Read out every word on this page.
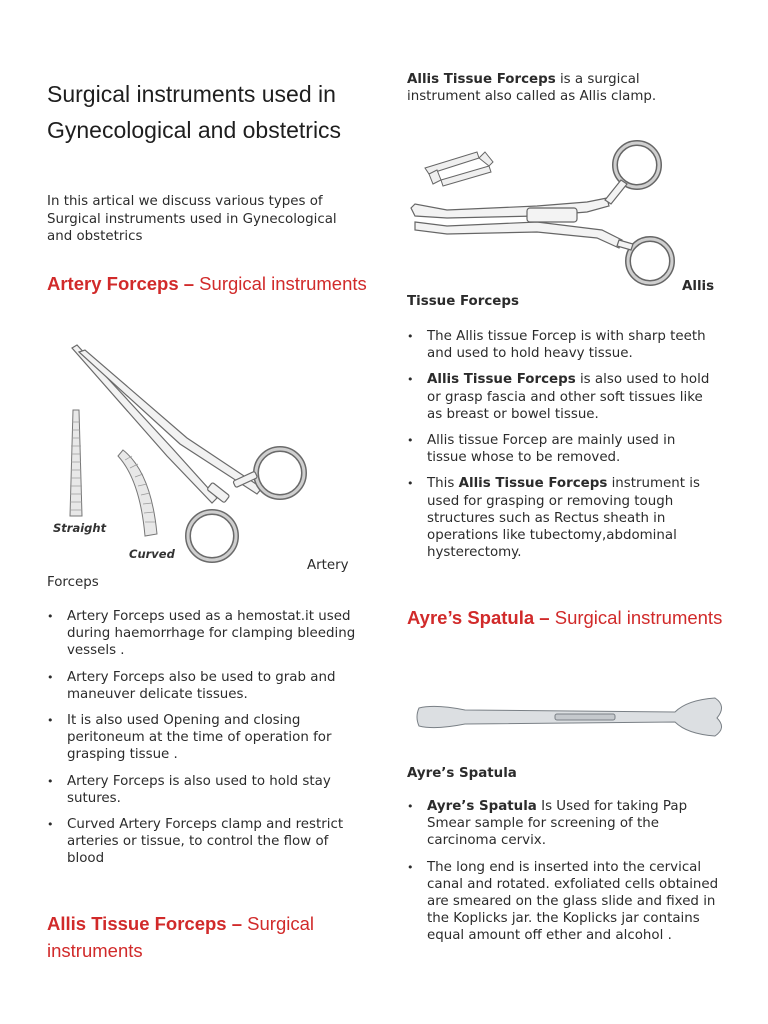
Surgical instruments used in Gynecological and obstetrics

In this artical we discuss various types of Surgical instruments used in Gynecological and obstetrics

Artery Forceps – Surgical instruments
Straight
Curved
Artery
Forceps
• Artery Forceps used as a hemostat.it used during haemorrhage for clamping bleeding vessels .
• Artery Forceps also be used to grab and maneuver delicate tissues.
• It is also used Opening and closing peritoneum at the time of operation for grasping tissue .
• Artery Forceps is also used to hold stay sutures.
• Curved Artery Forceps clamp and restrict arteries or tissue, to control the flow of blood
Allis Tissue Forceps – Surgical instruments

Allis Tissue Forceps is a surgical instrument also called as Allis clamp.

Allis
Tissue Forceps
• The Allis tissue Forcep is with sharp teeth and used to hold heavy tissue.
• Allis Tissue Forceps is also used to hold or grasp fascia and other soft tissues like as breast or bowel tissue.
• Allis tissue Forcep are mainly used in tissue whose to be removed.
• This Allis Tissue Forceps instrument is used for grasping or removing tough structures such as Rectus sheath in operations like tubectomy,abdominal hysterectomy.
Ayre’s Spatula – Surgical instruments
Ayre’s Spatula
• Ayre’s Spatula Is Used for taking Pap Smear sample for screening of the carcinoma cervix.
• The long end is inserted into the cervical canal and rotated. exfoliated cells obtained are smeared on the glass slide and fixed in the Koplicks jar. the Koplicks jar contains equal amount off ether and alcohol .
